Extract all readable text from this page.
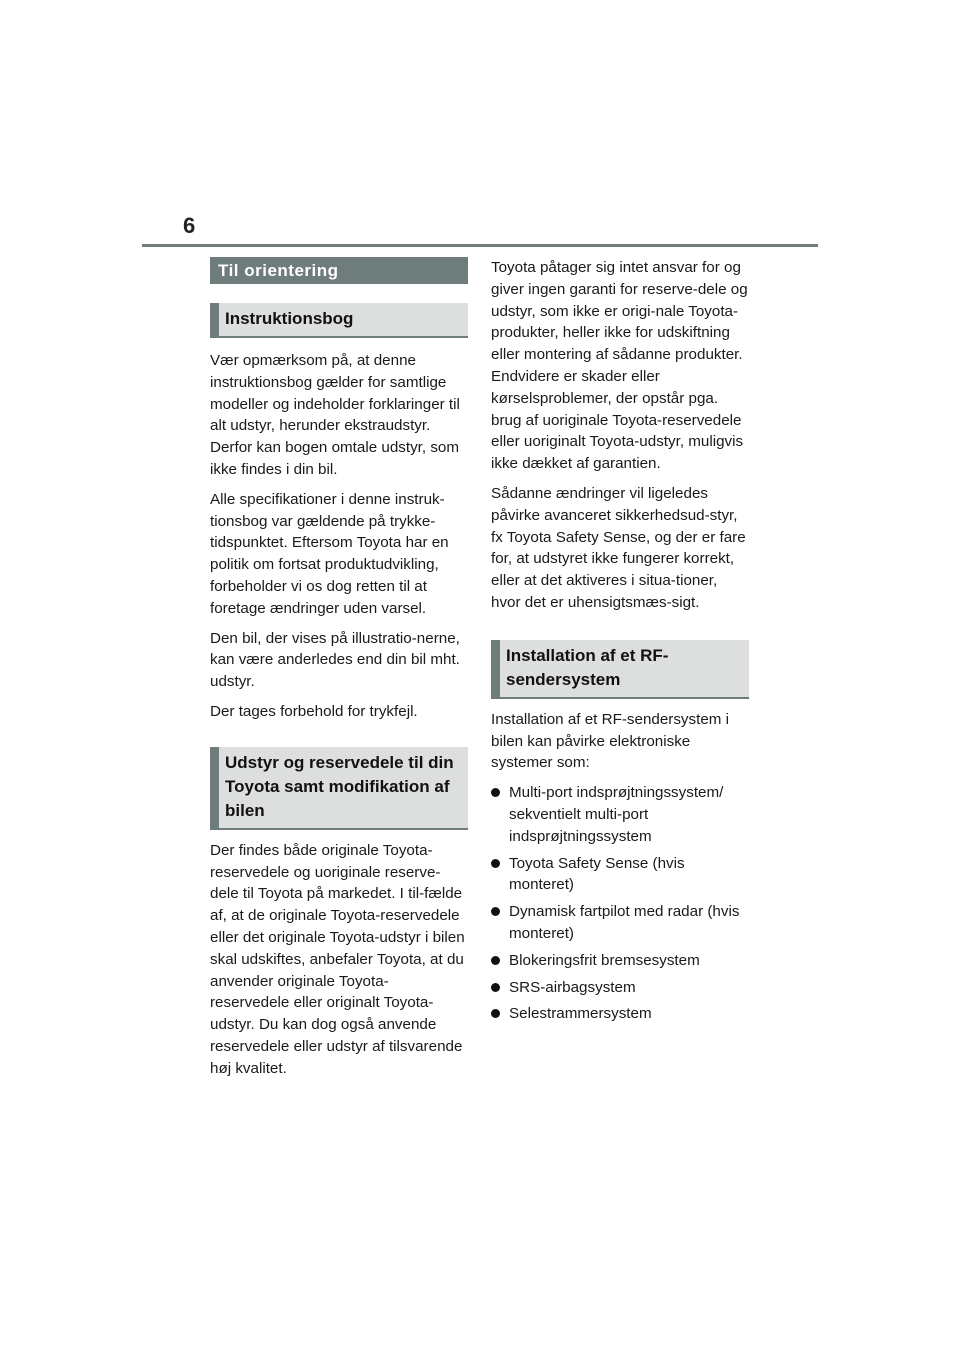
6
Til orientering
Instruktionsbog

Vær opmærksom på, at denne instruktionsbog gælder for samtlige modeller og indeholder forklaringer til alt udstyr, herunder ekstraudstyr. Derfor kan bogen omtale udstyr, som ikke findes i din bil.

Alle specifikationer i denne instruk-tionsbog var gældende på trykke-tidspunktet. Eftersom Toyota har en politik om fortsat produktudvikling, forbeholder vi os dog retten til at foretage ændringer uden varsel.

Den bil, der vises på illustratio-nerne, kan være anderledes end din bil mht. udstyr.

Der tages forbehold for trykfejl.

Udstyr og reservedele til din Toyota samt modifikation af bilen

Der findes både originale Toyota-reservedele og uoriginale reserve-dele til Toyota på markedet. I til-fælde af, at de originale Toyota-reservedele eller det originale Toyota-udstyr i bilen skal udskiftes, anbefaler Toyota, at du anvender originale Toyota-reservedele eller originalt Toyota-udstyr. Du kan dog også anvende reservedele eller udstyr af tilsvarende høj kvalitet.

Toyota påtager sig intet ansvar for og giver ingen garanti for reserve-dele og udstyr, som ikke er origi-nale Toyota-produkter, heller ikke for udskiftning eller montering af sådanne produkter. Endvidere er skader eller kørselsproblemer, der opstår pga. brug af uoriginale Toyota-reservedele eller uoriginalt Toyota-udstyr, muligvis ikke dækket af garantien.

Sådanne ændringer vil ligeledes påvirke avanceret sikkerhedsud-styr, fx Toyota Safety Sense, og der er fare for, at udstyret ikke fungerer korrekt, eller at det aktiveres i situa-tioner, hvor det er uhensigtsmæs-sigt.

Installation af et RF-sendersystem

Installation af et RF-sendersystem i bilen kan påvirke elektroniske systemer som:

Multi-port indsprøjtningssystem/ sekventielt multi-port indsprøjtningssystem
Toyota Safety Sense (hvis monteret)
Dynamisk fartpilot med radar (hvis monteret)
Blokeringsfrit bremsesystem
SRS-airbagsystem
Selestrammersystem
